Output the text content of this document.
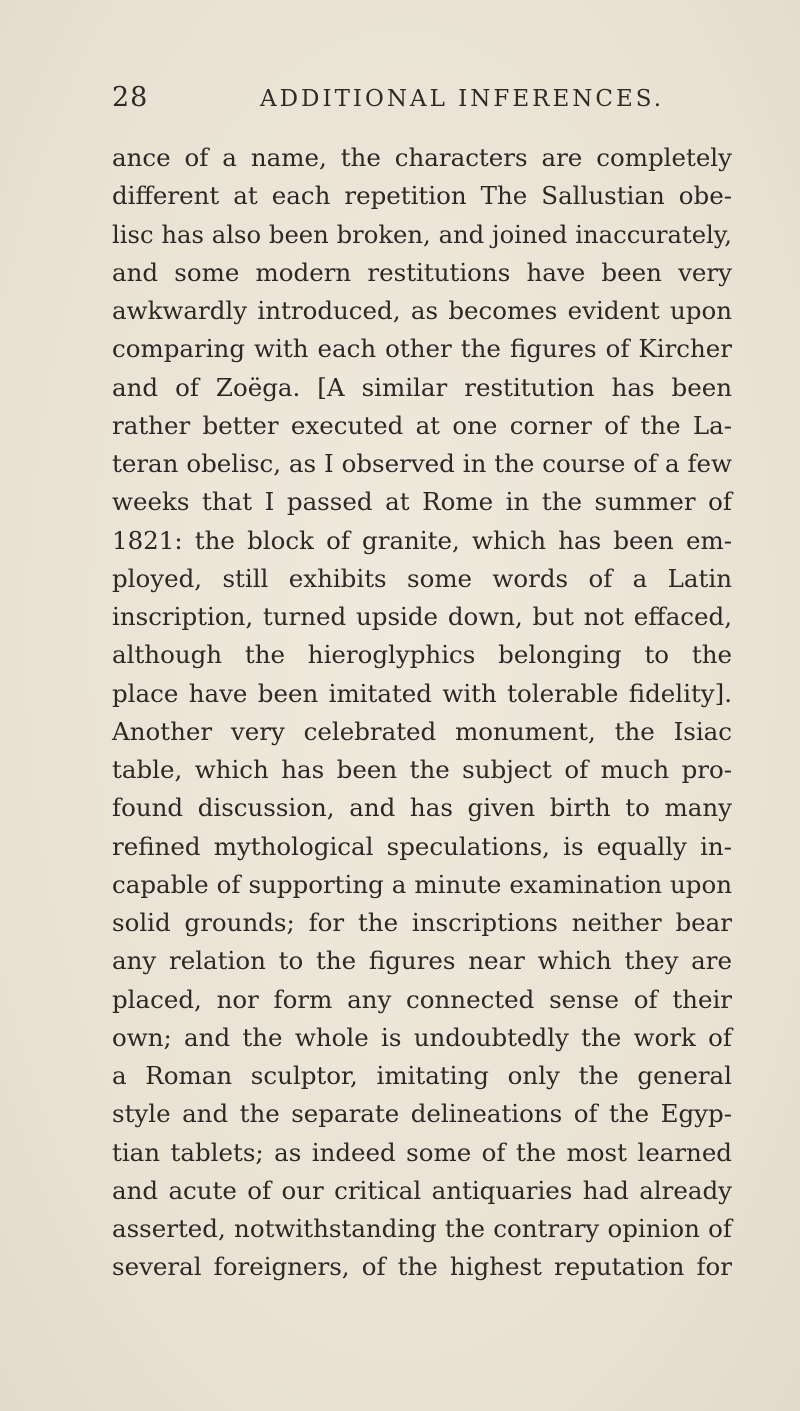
28	ADDITIONAL INFERENCES.
ance of a name, the characters are completely
different at each repetition The Sallustian obe-
lisc has also been broken, and joined inaccurately,
and some modern restitutions have been very
awkwardly introduced, as becomes evident upon
comparing with each other the figures of Kircher
and of Zoëga. [A similar restitution has been
rather better executed at one corner of the La-
teran obelisc, as I observed in the course of a few
weeks that I passed at Rome in the summer of
1821: the block of granite, which has been em-
ployed, still exhibits some words of a Latin
inscription, turned upside down, but not effaced,
although the hieroglyphics belonging to the
place have been imitated with tolerable fidelity].
Another very celebrated monument, the Isiac
table, which has been the subject of much pro-
found discussion, and has given birth to many
refined mythological speculations, is equally in-
capable of supporting a minute examination upon
solid grounds; for the inscriptions neither bear
any relation to the figures near which they are
placed, nor form any connected sense of their
own; and the whole is undoubtedly the work of
a Roman sculptor, imitating only the general
style and the separate delineations of the Egyp-
tian tablets; as indeed some of the most learned
and acute of our critical antiquaries had already
asserted, notwithstanding the contrary opinion of
several foreigners, of the highest reputation for
